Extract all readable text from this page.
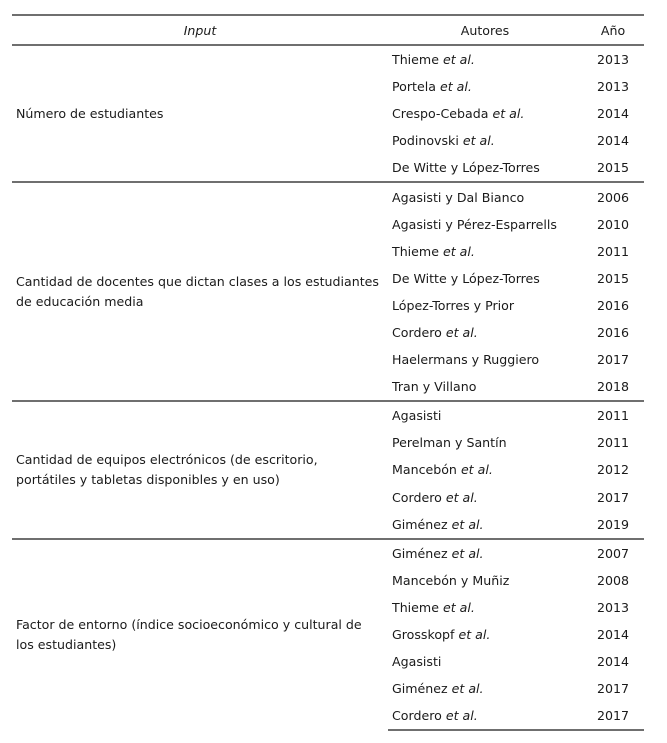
Input	Autores	Año
Número de estudiantes	Thieme et al.	2013
	Portela et al.	2013
	Crespo-Cebada et al.	2014
	Podinovski et al.	2014
	De Witte y López-Torres	2015
Cantidad de docentes que dictan clases a los estudiantes de educación media	Agasisti y Dal Bianco	2006
	Agasisti y Pérez-Esparrells	2010
	Thieme et al.	2011
	De Witte y López-Torres	2015
	López-Torres y Prior	2016
	Cordero et al.	2016
	Haelermans y Ruggiero	2017
	Tran y Villano	2018
Cantidad de equipos electrónicos (de escritorio, portátiles y tabletas disponibles y en uso)	Agasisti	2011
	Perelman y Santín	2011
	Mancebón et al.	2012
	Cordero et al.	2017
	Giménez et al.	2019
Factor de entorno (índice socioeconómico y cultural de los estudiantes)	Giménez et al.	2007
	Mancebón y Muñiz	2008
	Thieme et al.	2013
	Grosskopf et al.	2014
	Agasisti	2014
	Giménez et al.	2017
	Cordero et al.	2017
